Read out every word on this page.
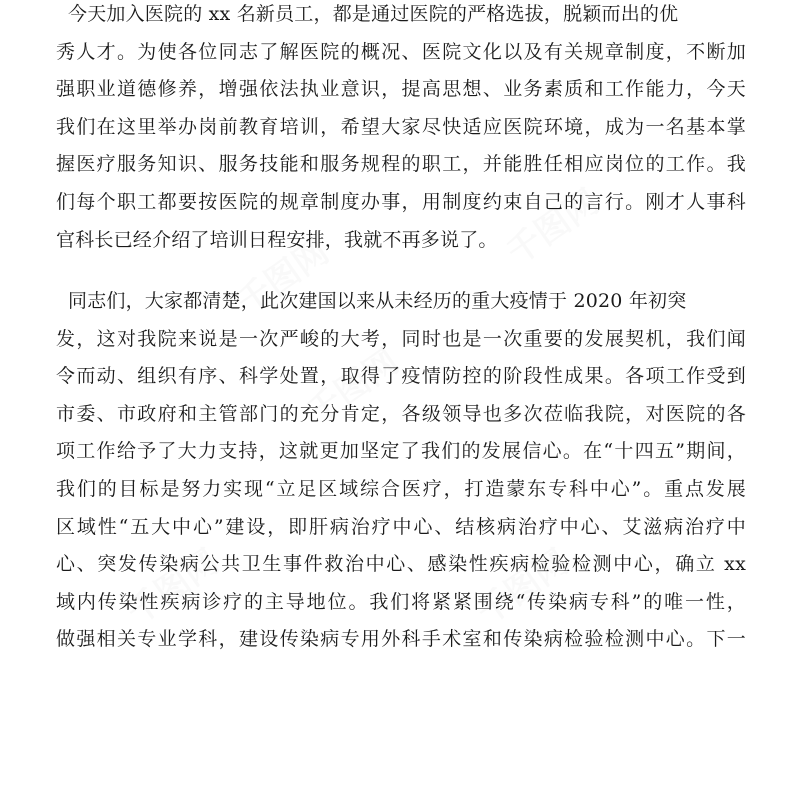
千图网
千图网
千图网
千图网	千图网
今天加入医院的 xx 名新员工，都是通过医院的严格选拔，脱颖而出的优
秀人才。为使各位同志了解医院的概况、医院文化以及有关规章制度，不断加
强职业道德修养，增强依法执业意识，提高思想、业务素质和工作能力，今天
我们在这里举办岗前教育培训，希望大家尽快适应医院环境，成为一名基本掌
握医疗服务知识、服务技能和服务规程的职工，并能胜任相应岗位的工作。我
们每个职工都要按医院的规章制度办事，用制度约束自己的言行。刚才人事科
官科长已经介绍了培训日程安排，我就不再多说了。
同志们，大家都清楚，此次建国以来从未经历的重大疫情于 2020 年初突
发，这对我院来说是一次严峻的大考，同时也是一次重要的发展契机，我们闻
令而动、组织有序、科学处置，取得了疫情防控的阶段性成果。各项工作受到
市委、市政府和主管部门的充分肯定，各级领导也多次莅临我院，对医院的各
项工作给予了大力支持，这就更加坚定了我们的发展信心。在“十四五”期间，
我们的目标是努力实现“立足区域综合医疗，打造蒙东专科中心”。重点发展
区域性“五大中心”建设，即肝病治疗中心、结核病治疗中心、艾滋病治疗中
心、突发传染病公共卫生事件救治中心、感染性疾病检验检测中心，确立 xx
域内传染性疾病诊疗的主导地位。我们将紧紧围绕“传染病专科”的唯一性，
做强相关专业学科，建设传染病专用外科手术室和传染病检验检测中心。下一
